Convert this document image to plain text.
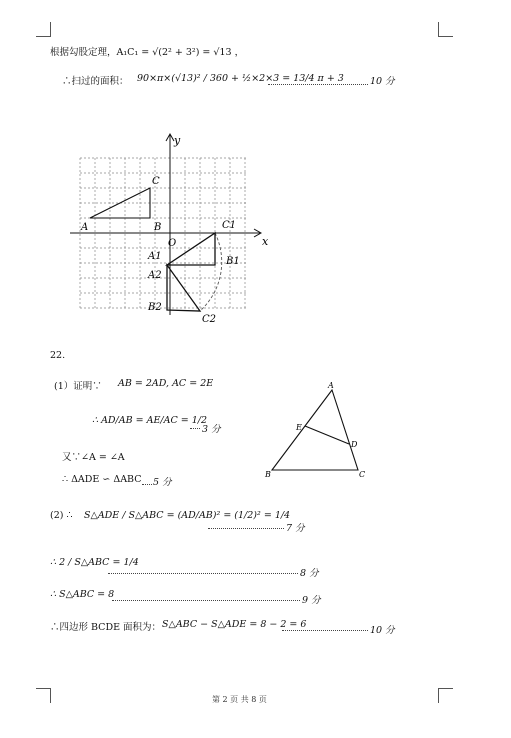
根据勾股定理，A₁C₁ = √(2² + 3²) = √13 ，
∴扫过的面积： 90×π×(√13)² / 360 + ½×2×3 = 13/4 π + 3	10 分
x
y
O
A	B
C
C1
A1	B1
A2
B2
C2
22.
(1）证明∵ AB = 2AD, AC = 2E
∴ AD/AB = AE/AC = 1/2
3 分
又∵∠A = ∠A
∴ ΔADE ∽ ΔABC 5 分
(2) ∴ S△ADE / S△ABC = (AD/AB)² = (1/2)² = 1/4
7 分
∴ 2 / S△ABC = 1/4
8 分
∴ S△ABC = 8
9 分
∴四边形 BCDE 面积为： S△ABC − S△ADE = 8 − 2 = 6
10 分
A
B	C
D
E
第 2 页 共 8 页
